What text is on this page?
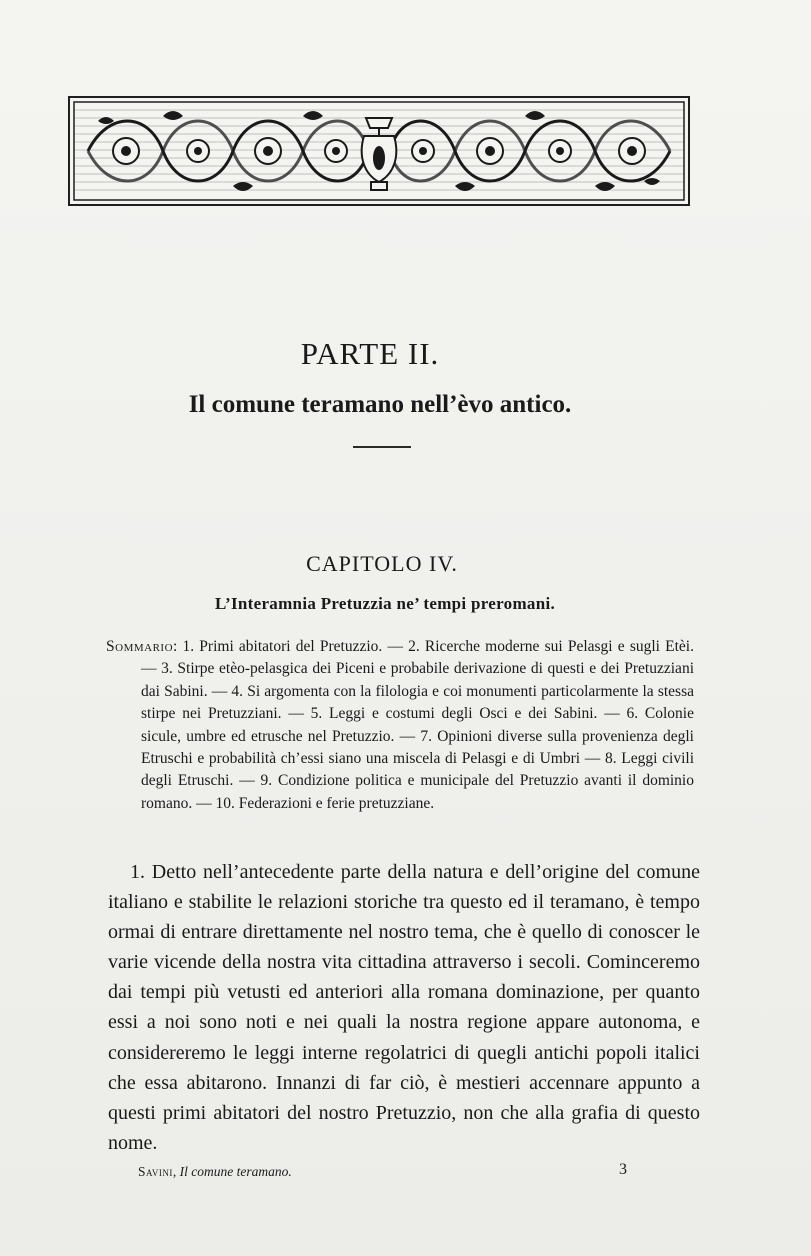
PARTE II.
Il comune teramano nell’èvo antico.
CAPITOLO IV.
L’Interamnia Pretuzzia ne’ tempi preromani.

Sommario: 1. Primi abitatori del Pretuzzio. — 2. Ricerche moderne sui Pelasgi e sugli Etèi. — 3. Stirpe etèo-pelasgica dei Piceni e probabile derivazione di questi e dei Pretuzziani dai Sabini. — 4. Si argomenta con la filologia e coi monumenti particolarmente la stessa stirpe nei Pretuzziani. — 5. Leggi e costumi degli Osci e dei Sabini. — 6. Colonie sicule, umbre ed etrusche nel Pretuzzio. — 7. Opinioni diverse sulla provenienza degli Etruschi e probabilità ch’essi siano una miscela di Pelasgi e di Umbri — 8. Leggi civili degli Etruschi. — 9. Condizione politica e municipale del Pretuzzio avanti il dominio romano. — 10. Federazioni e ferie pretuzziane.

1. Detto nell’antecedente parte della natura e dell’origine del comune italiano e stabilite le relazioni storiche tra questo ed il teramano, è tempo ormai di entrare direttamente nel nostro tema, che è quello di conoscer le varie vicende della nostra vita cittadina attraverso i secoli. Cominceremo dai tempi più vetusti ed anteriori alla romana dominazione, per quanto essi a noi sono noti e nei quali la nostra regione appare autonoma, e considereremo le leggi interne regolatrici di quegli antichi popoli italici che essa abitarono. Innanzi di far ciò, è mestieri accennare appunto a questi primi abitatori del nostro Pretuzzio, non che alla grafia di questo nome.

Savini, Il comune teramano.	3
